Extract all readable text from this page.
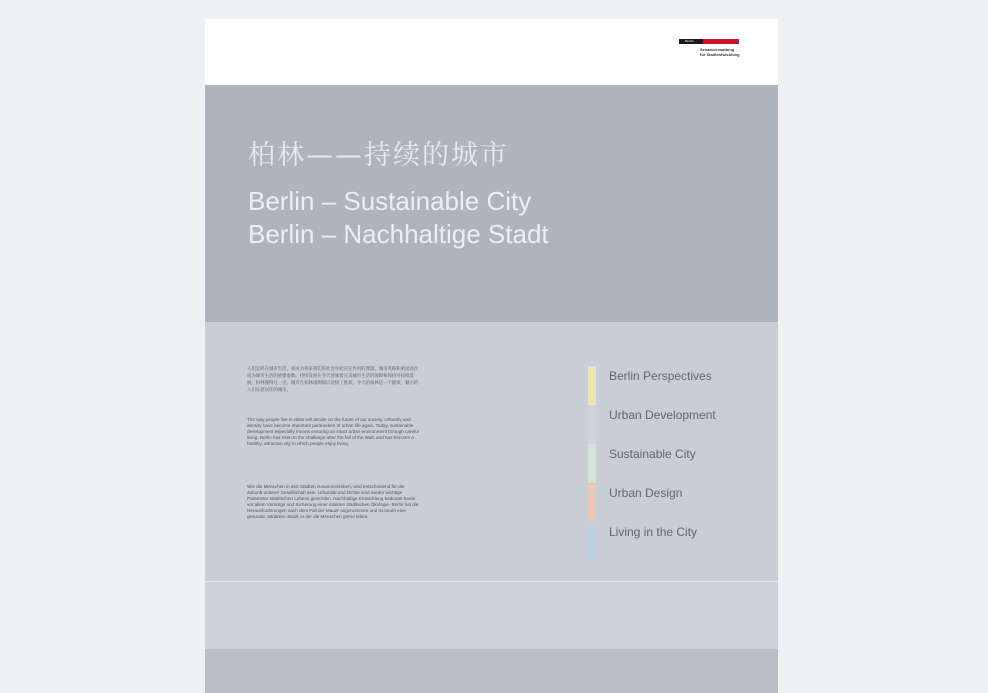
Berlin
Senatsverwaltung
für Stadtentwicklung
柏林——持续的城市
Berlin – Sustainable City
Berlin – Nachhaltige Stadt
人们怎样在城市生活，将成为将来我们的社会中起决定作用的课题。城市风格和密度再次成为城市生活的重要参数。持续发展在今天意味着完美城市生活的保障和保持可持续发展。柏林懂得这一点，城市在柏林墙倒塌后迎接了挑战，今天的柏林是一个健康、魅力的人们乐意居住的城市。
The way people live in cities will decide on the future of our society. Urbanity and density have become important parameters of urban life again. Today, sustainable development especially means ensuring an intact urban environment through careful living. Berlin has risen to the challenge after the fall of the Wall, and has become a healthy, attractive city in which people enjoy living.
Wie die Menschen in den Städten zusammenleben, wird entscheidend für die Zukunft unserer Gesellschaft sein. Urbanität und Dichte sind wieder wichtige Parameter städtischen Lebens geworden. Nachhaltige Entwicklung bedeutet heute vor allem Vorsorge und Sicherung einer intakten städtischen Ökologie. Berlin hat die Herausforderungen nach dem Fall der Mauer angenommen und ist heute eine gesunde, attraktive Stadt, in der die Menschen gerne leben.
Berlin Perspectives
Urban Development
Sustainable City
Urban Design
Living in the City
